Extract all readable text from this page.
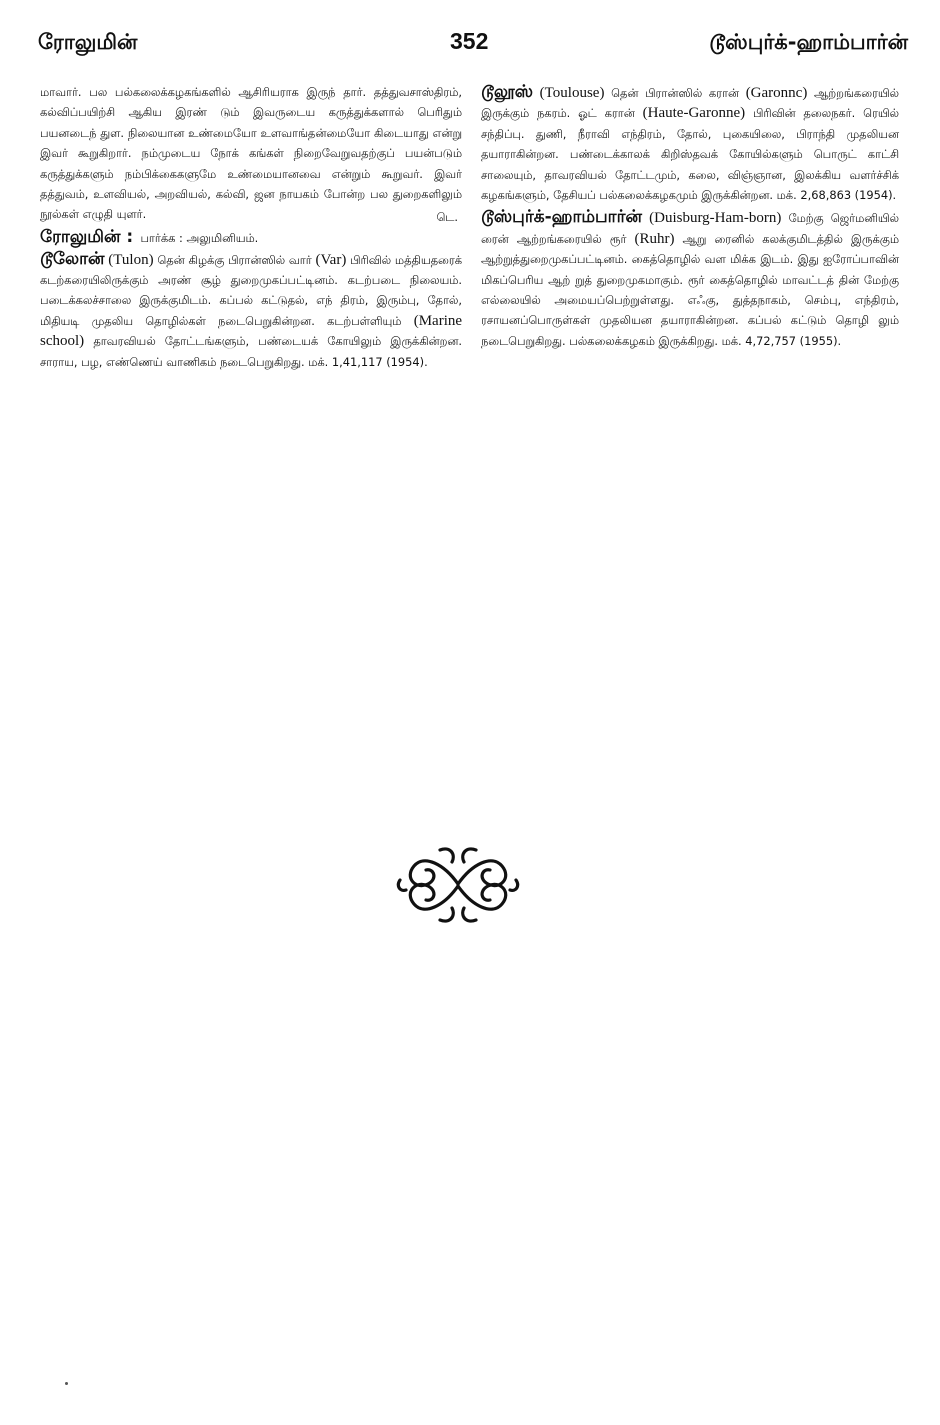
ரோலுமின்	352	டூஸ்புர்க்-ஹாம்பார்ன்

மாவார். பல பல்கலைக்கழகங்களில் ஆசிரியராக இருந் தார். தத்துவசாஸ்திரம், கல்விப்பயிற்சி ஆகிய இரண் டும் இவருடைய கருத்துக்களால் பெரிதும் பயனடைந் துள. நிலையான உண்மையோ உளவாங்தன்மையோ கிடையாது என்று இவர் கூறுகிறார். நம்முடைய நோக் கங்கள் நிறைவேறுவதற்குப் பயன்படும் கருத்துக்களும் நம்பிக்கைகளுமே உண்மையானவை என்றும் கூறுவர். இவர் தத்துவம், உளவியல், அறவியல், கல்வி, ஜன நாயகம் போன்ற பல துறைகளிலும் நூல்கள் எழுதி யுளர்.	டெ.

ரோலுமின் : பார்க்க : அலுமினியம்.

டூலோன் (Tulon) தென் கிழக்கு பிரான்ஸில் வார் (Var) பிரிவில் மத்தியதரைக் கடற்கரையிலிருக்கும் அரண் சூழ் துறைமுகப்பட்டினம். கடற்படை நிலையம். படைக்கலச்சாலை இருக்குமிடம். கப்பல் கட்டுதல், எந் திரம், இரும்பு, தோல், மிதியடி முதலிய தொழில்கள் நடைபெறுகின்றன. கடற்பள்ளியும் (Marine school) தாவரவியல் தோட்டங்களும், பண்டையக் கோயிலும் இருக்கின்றன. சாராய, பழ, எண்ணெய் வாணிகம் நடைபெறுகிறது. மக். 1,41,117 (1954).

டூலூஸ் (Toulouse) தென் பிரான்ஸில் கரான் (Garonnc) ஆற்றங்கரையில் இருக்கும் நகரம். ஓட் கரான் (Haute-Garonne) பிரிவின் தலைநகர். ரெயில் சந்திப்பு. துணி, நீராவி எந்திரம், தோல், புகையிலை, பிராந்தி முதலியன தயாராகின்றன. பண்டைக்காலக் கிறிஸ்தவக் கோயில்களும் பொருட் காட்சி சாலையும், தாவரவியல் தோட்டமும், கலை, விஞ்ஞான, இலக்கிய வளர்ச்சிக் கழகங்களும், தேசியப் பல்கலைக்கழகமும் இருக்கின்றன. மக். 2,68,863 (1954).

டூஸ்புர்க்-ஹாம்பார்ன் (Duisburg-Ham-born) மேற்கு ஜெர்மனியில் ரைன் ஆற்றங்கரையில் ரூர் (Ruhr) ஆறு ரைனில் கலக்குமிடத்தில் இருக்கும் ஆற்றுத்துறைமுகப்பட்டினம். கைத்தொழில் வள மிக்க இடம். இது ஐரோப்பாவின் மிகப்பெரிய ஆற் றுத் துறைமுகமாகும். ரூர் கைத்தொழில் மாவட்டத் தின் மேற்கு எல்லையில் அமையப்பெற்றுள்ளது. எஃகு, துத்தநாகம், செம்பு, எந்திரம், ரசாயனப்பொருள்கள் முதலியன தயாராகின்றன. கப்பல் கட்டும் தொழி லும் நடைபெறுகிறது. பல்கலைக்கழகம் இருக்கிறது. மக். 4,72,757 (1955).
